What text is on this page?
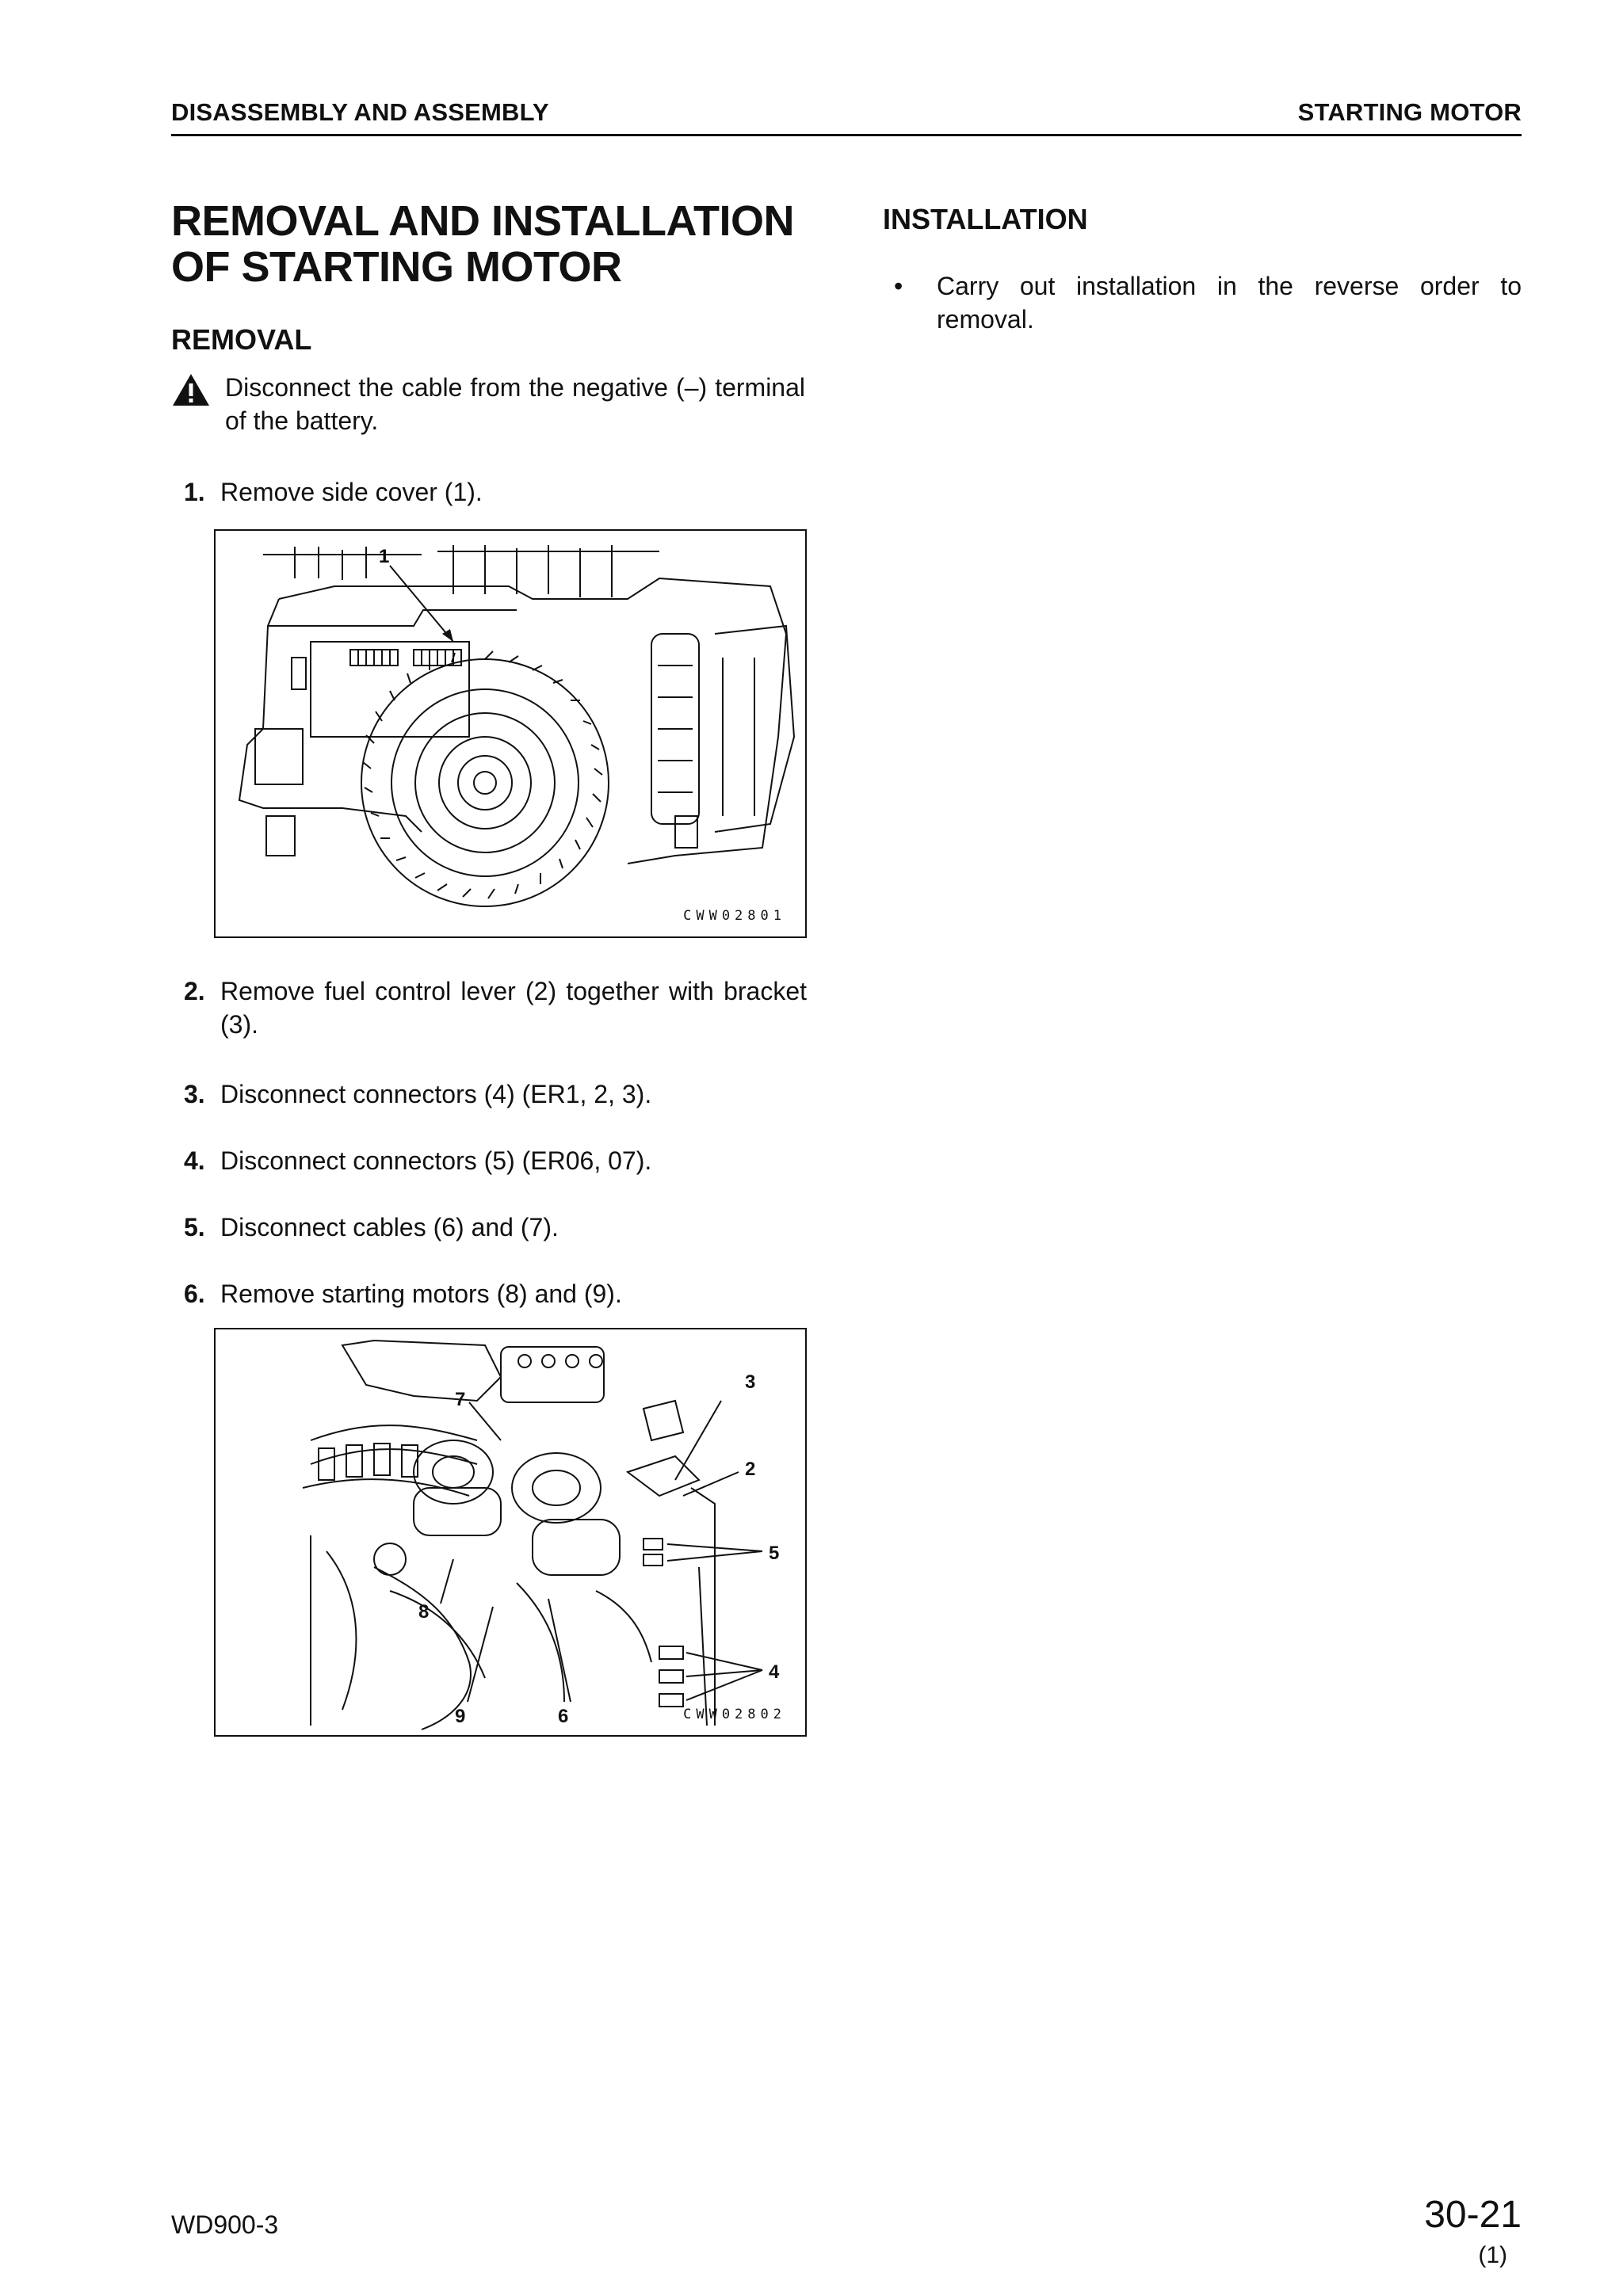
DISASSEMBLY AND ASSEMBLY	STARTING MOTOR
REMOVAL AND INSTALLATION
OF STARTING MOTOR
REMOVAL

Disconnect the cable from the negative (–) terminal of the battery.

1. Remove side cover (1).
1
CWW02801
2. Remove fuel control lever (2) together with bracket (3).
3. Disconnect connectors (4) (ER1, 2, 3).
4. Disconnect connectors (5) (ER06, 07).
5. Disconnect cables (6) and (7).
6. Remove starting motors (8) and (9).
7
3
2
5
8
4
9	6	CWW02802
INSTALLATION
• Carry out installation in the reverse order to removal.
WD900-3	30-21
(1)
